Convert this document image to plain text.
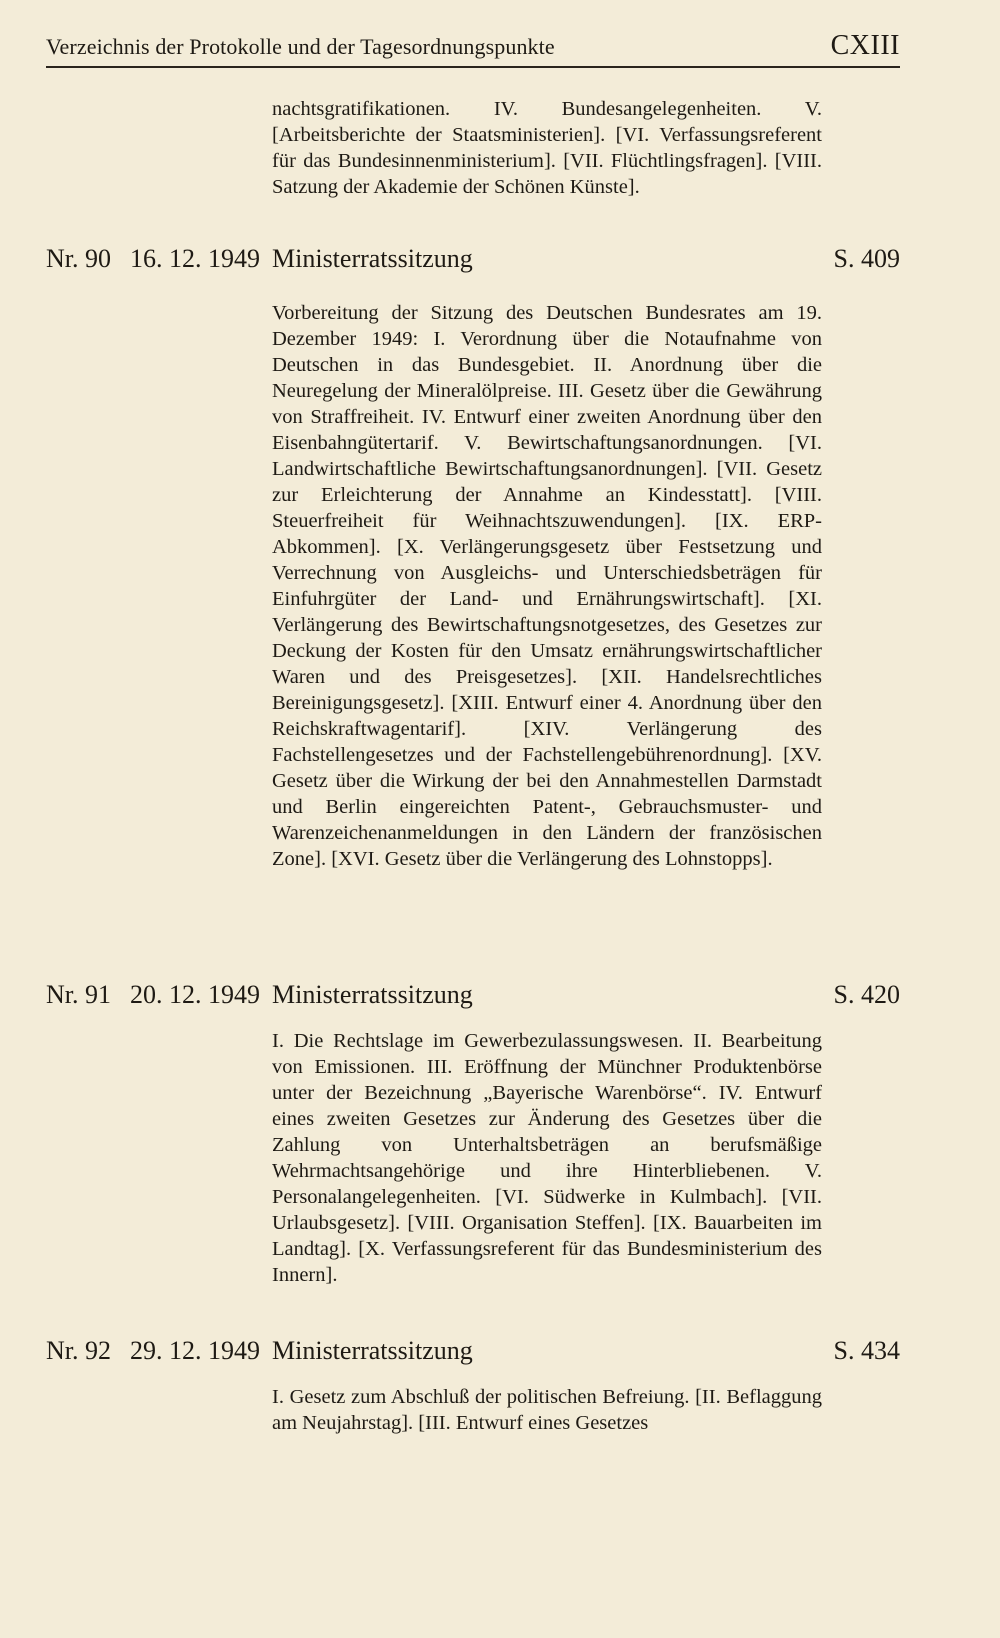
Verzeichnis der Protokolle und der Tagesordnungspunkte	CXIII
nachtsgratifikationen. IV. Bundesangelegenheiten. V. [Arbeitsberichte der Staatsministerien]. [VI. Verfassungsreferent für das Bundesinnenministerium]. [VII. Flüchtlingsfragen]. [VIII. Satzung der Akademie der Schönen Künste].
Nr. 90 16. 12. 1949 Ministerratssitzung	S. 409
Vorbereitung der Sitzung des Deutschen Bundesrates am 19. Dezember 1949: I. Verordnung über die Notaufnahme von Deutschen in das Bundesgebiet. II. Anordnung über die Neuregelung der Mineralölpreise. III. Gesetz über die Gewährung von Straffreiheit. IV. Entwurf einer zweiten Anordnung über den Eisenbahngütertarif. V. Bewirtschaftungsanordnungen. [VI. Landwirtschaftliche Bewirtschaftungsanordnungen]. [VII. Gesetz zur Erleichterung der Annahme an Kindesstatt]. [VIII. Steuerfreiheit für Weihnachtszuwendungen]. [IX. ERP-Abkommen]. [X. Verlängerungsgesetz über Festsetzung und Verrechnung von Ausgleichs- und Unterschiedsbeträgen für Einfuhrgüter der Land- und Ernährungswirtschaft]. [XI. Verlängerung des Bewirtschaftungsnotgesetzes, des Gesetzes zur Deckung der Kosten für den Umsatz ernährungswirtschaftlicher Waren und des Preisgesetzes]. [XII. Handelsrechtliches Bereinigungsgesetz]. [XIII. Entwurf einer 4. Anordnung über den Reichskraftwagentarif]. [XIV. Verlängerung des Fachstellengesetzes und der Fachstellengebührenordnung]. [XV. Gesetz über die Wirkung der bei den Annahmestellen Darmstadt und Berlin eingereichten Patent-, Gebrauchsmuster- und Warenzeichenanmeldungen in den Ländern der französischen Zone]. [XVI. Gesetz über die Verlängerung des Lohnstopps].
Nr. 91 20. 12. 1949 Ministerratssitzung	S. 420
I. Die Rechtslage im Gewerbezulassungswesen. II. Bearbeitung von Emissionen. III. Eröffnung der Münchner Produktenbörse unter der Bezeichnung „Bayerische Warenbörse“. IV. Entwurf eines zweiten Gesetzes zur Änderung des Gesetzes über die Zahlung von Unterhaltsbeträgen an berufsmäßige Wehrmachtsangehörige und ihre Hinterbliebenen. V. Personalangelegenheiten. [VI. Südwerke in Kulmbach]. [VII. Urlaubsgesetz]. [VIII. Organisation Steffen]. [IX. Bauarbeiten im Landtag]. [X. Verfassungsreferent für das Bundesministerium des Innern].
Nr. 92 29. 12. 1949 Ministerratssitzung	S. 434
I. Gesetz zum Abschluß der politischen Befreiung. [II. Beflaggung am Neujahrstag]. [III. Entwurf eines Gesetzes
